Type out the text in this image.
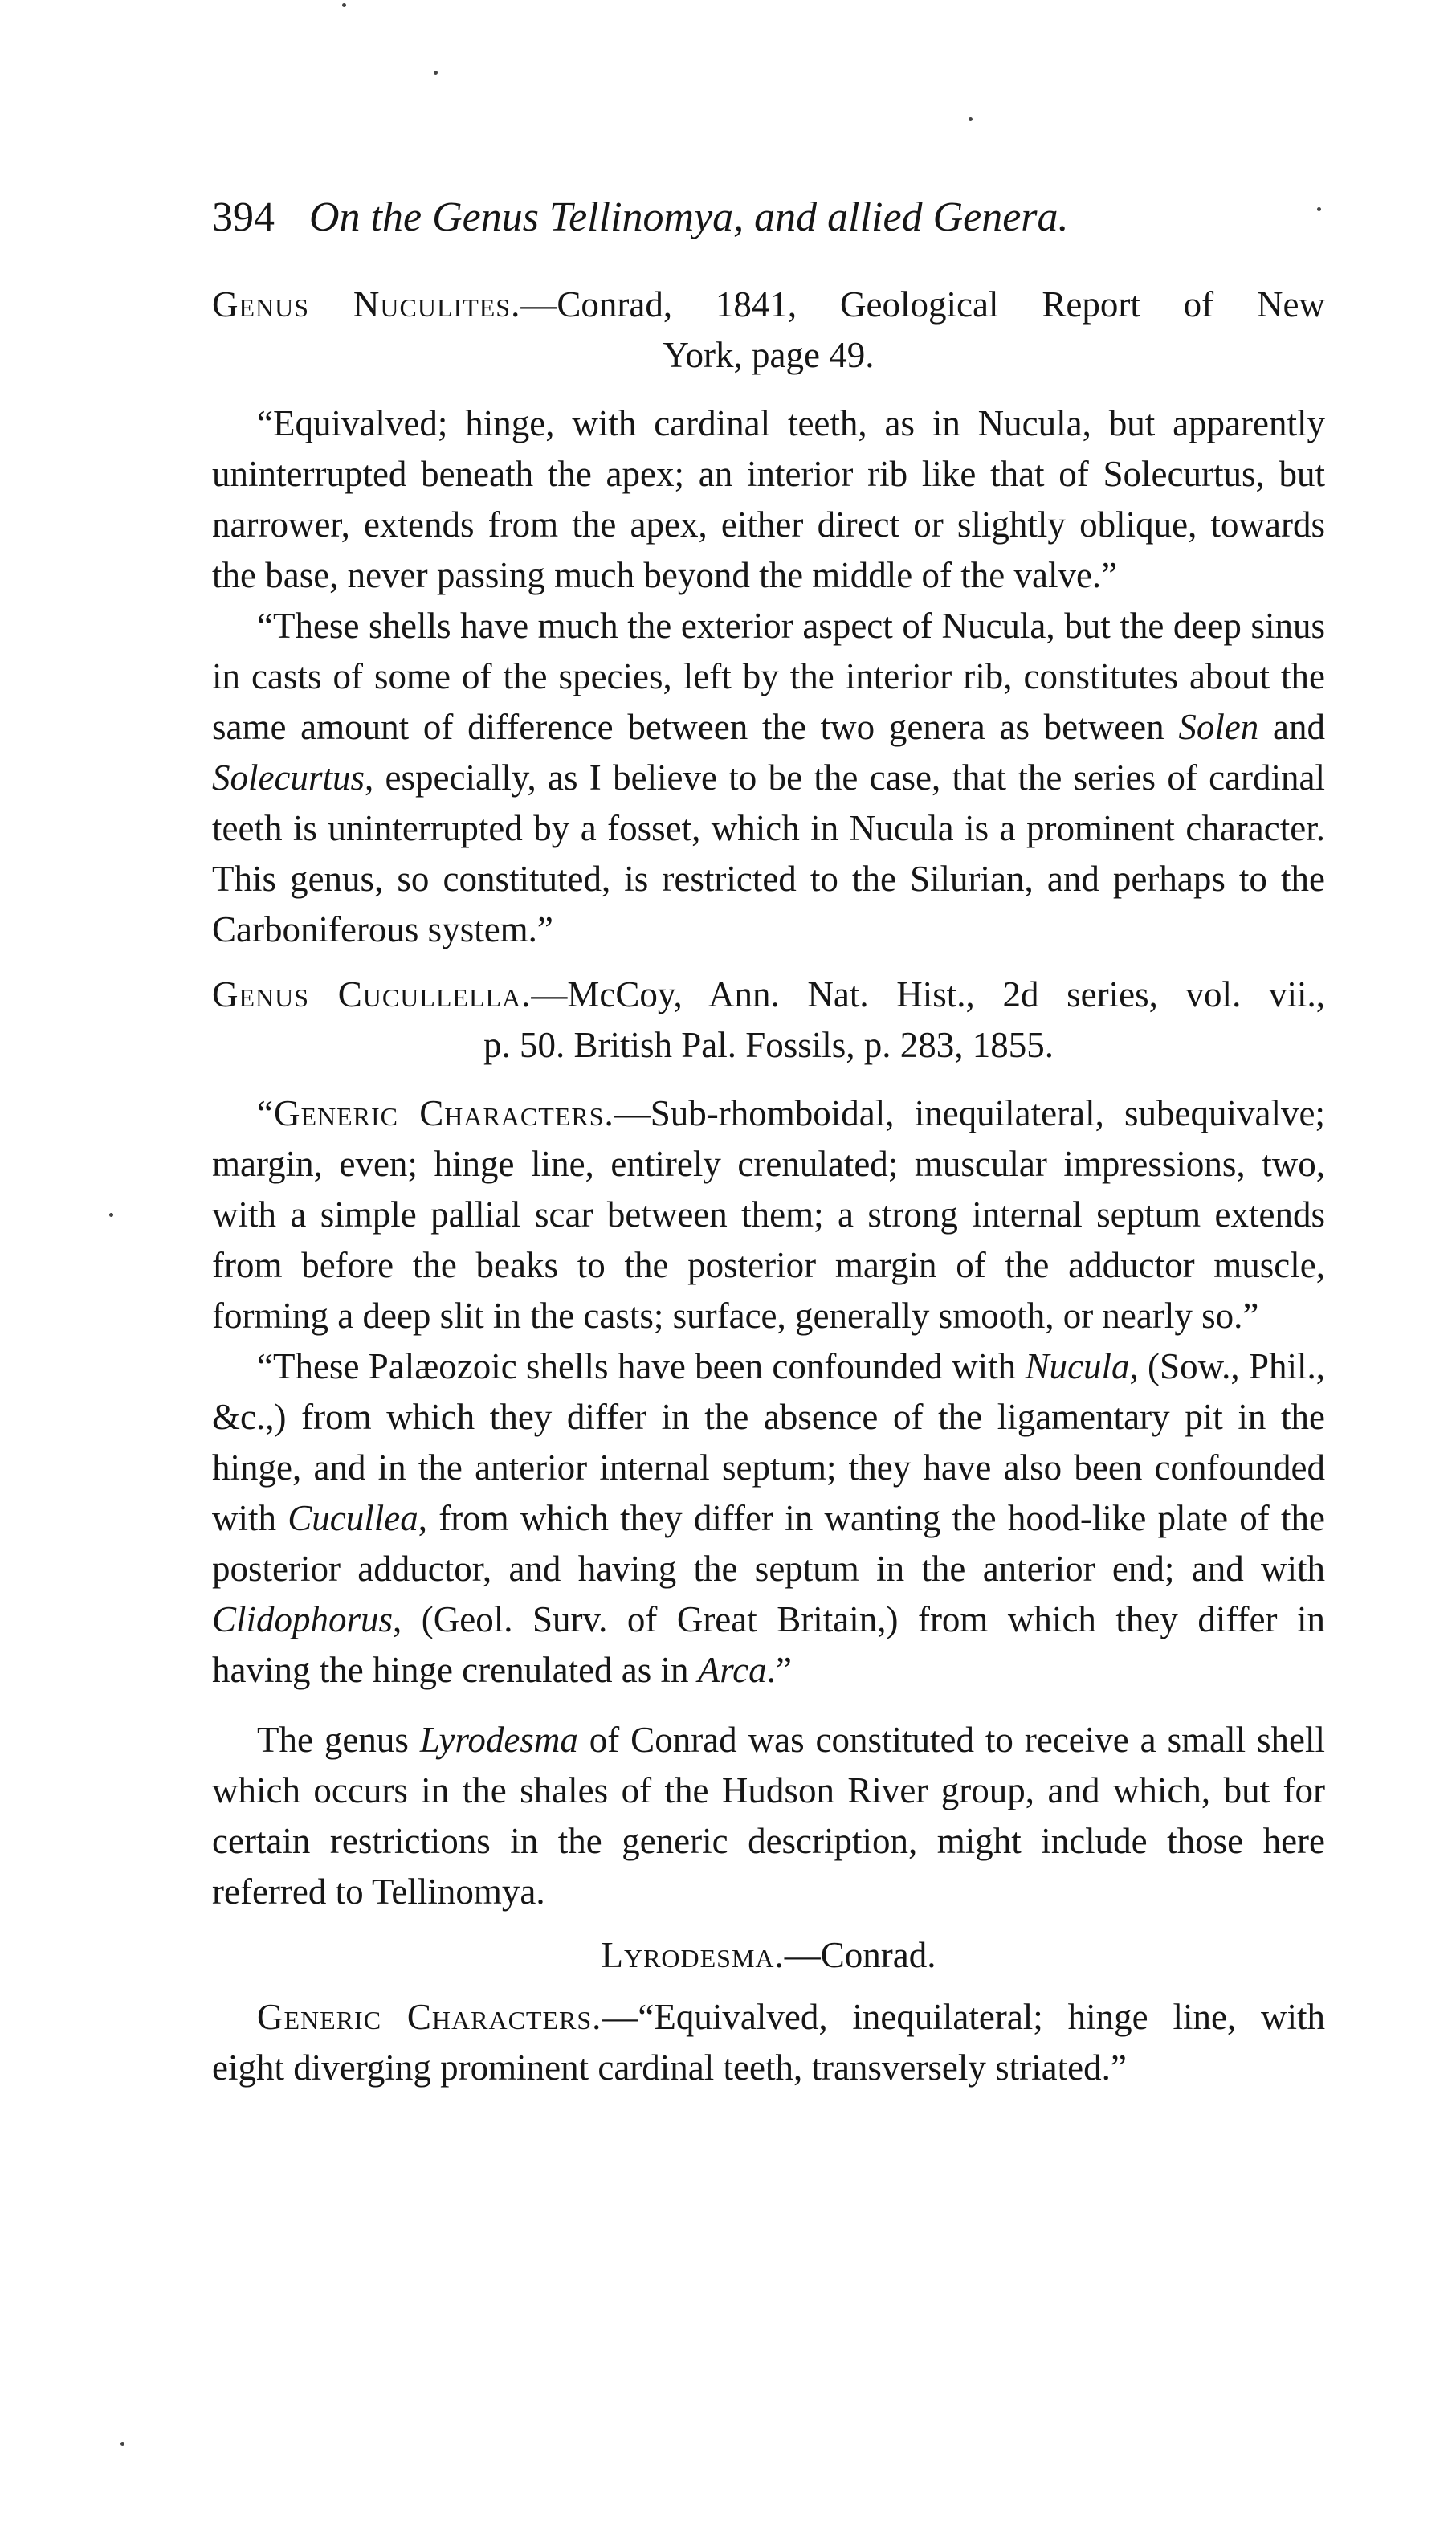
394 On the Genus Tellinomya, and allied Genera.
Genus Nuculites.—Conrad, 1841, Geological Report of New
York, page 49.

“Equivalved; hinge, with cardinal teeth, as in Nucula, but apparently uninterrupted beneath the apex; an interior rib like that of Solecurtus, but narrower, extends from the apex, either direct or slightly oblique, towards the base, never passing much beyond the middle of the valve.”

“These shells have much the exterior aspect of Nucula, but the deep sinus in casts of some of the species, left by the interior rib, constitutes about the same amount of difference between the two genera as between Solen and Solecurtus, especially, as I believe to be the case, that the series of cardinal teeth is uninterrupted by a fosset, which in Nucula is a prominent character. This genus, so constituted, is restricted to the Silurian, and perhaps to the Carboniferous system.”

Genus Cucullella.—McCoy, Ann. Nat. Hist., 2d series, vol. vii.,
p. 50. British Pal. Fossils, p. 283, 1855.

“Generic Characters.—Sub-rhomboidal, inequilateral, subequivalve; margin, even; hinge line, entirely crenulated; muscular impressions, two, with a simple pallial scar between them; a strong internal septum extends from before the beaks to the posterior margin of the adductor muscle, forming a deep slit in the casts; surface, generally smooth, or nearly so.”

“These Palæozoic shells have been confounded with Nucula, (Sow., Phil., &c.,) from which they differ in the absence of the ligamentary pit in the hinge, and in the anterior internal septum; they have also been confounded with Cucullea, from which they differ in wanting the hood-like plate of the posterior adductor, and having the septum in the anterior end; and with Clidophorus, (Geol. Surv. of Great Britain,) from which they differ in having the hinge crenulated as in Arca.”

The genus Lyrodesma of Conrad was constituted to receive a small shell which occurs in the shales of the Hudson River group, and which, but for certain restrictions in the generic description, might include those here referred to Tellinomya.

Lyrodesma.—Conrad.

Generic Characters.—“Equivalved, inequilateral; hinge line, with eight diverging prominent cardinal teeth, transversely striated.”
